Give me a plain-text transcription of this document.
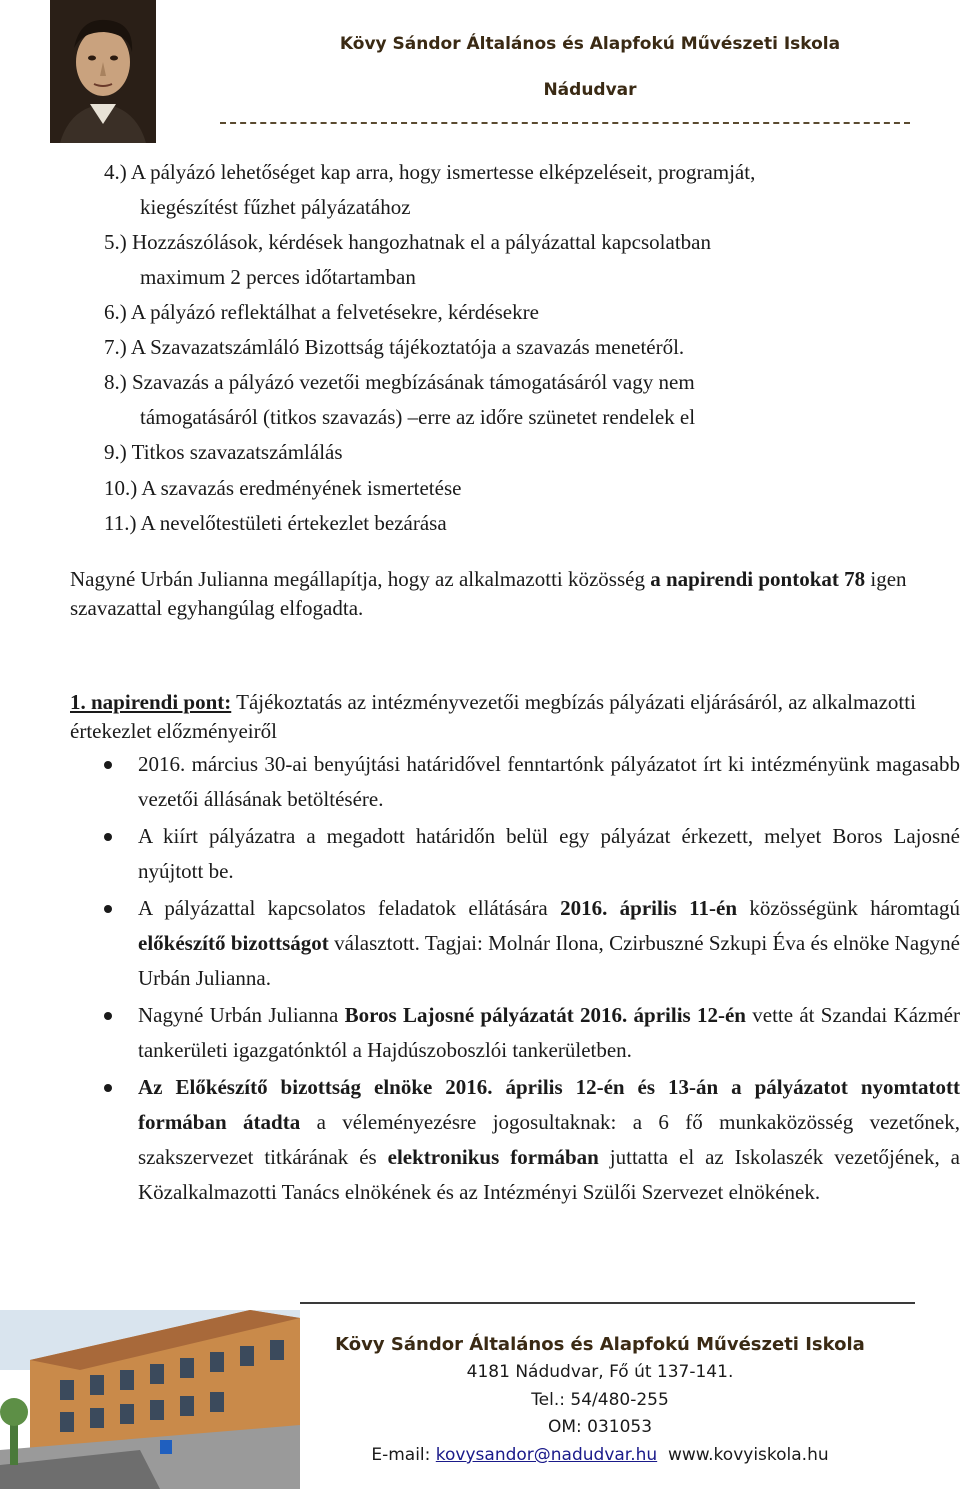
Kövy Sándor Általános és Alapfokú Művészeti Iskola
Nádudvar
4.) A pályázó lehetőséget kap arra, hogy ismertesse elképzeléseit, programját,
kiegészítést fűzhet pályázatához
5.) Hozzászólások, kérdések hangozhatnak el a pályázattal kapcsolatban
maximum 2 perces időtartamban
6.) A pályázó reflektálhat a felvetésekre, kérdésekre
7.) A Szavazatszámláló Bizottság tájékoztatója a szavazás menetéről.
8.) Szavazás a pályázó vezetői megbízásának támogatásáról vagy nem
támogatásáról (titkos szavazás) –erre az időre szünetet rendelek el
9.) Titkos szavazatszámlálás
10.) A szavazás eredményének ismertetése
11.) A nevelőtestületi értekezlet bezárása
Nagyné Urbán Julianna megállapítja, hogy az alkalmazotti közösség a napirendi pontokat 78 igen szavazattal egyhangúlag elfogadta.
1. napirendi pont: Tájékoztatás az intézményvezetői megbízás pályázati eljárásáról, az alkalmazotti értekezlet előzményeiről
2016. március 30-ai benyújtási határidővel fenntartónk pályázatot írt ki intézményünk magasabb vezetői állásának betöltésére.
A kiírt pályázatra a megadott határidőn belül egy pályázat érkezett, melyet Boros Lajosné nyújtott be.
A pályázattal kapcsolatos feladatok ellátására 2016. április 11-én közösségünk háromtagú előkészítő bizottságot választott. Tagjai: Molnár Ilona, Czirbuszné Szkupi Éva és elnöke Nagyné Urbán Julianna.
Nagyné Urbán Julianna Boros Lajosné pályázatát 2016. április 12-én vette át Szandai Kázmér tankerületi igazgatónktól a Hajdúszoboszlói tankerületben.
Az Előkészítő bizottság elnöke 2016. április 12-én és 13-án a pályázatot nyomtatott formában átadta a véleményezésre jogosultaknak: a 6 fő munkaközösség vezetőnek, szakszervezet titkárának és elektronikus formában juttatta el az Iskolaszék vezetőjének, a Közalkalmazotti Tanács elnökének és az Intézményi Szülői Szervezet elnökének.
Kövy Sándor Általános és Alapfokú Művészeti Iskola
4181 Nádudvar, Fő út 137-141.
Tel.: 54/480-255
OM: 031053
E-mail: kovysandor@nadudvar.hu www.kovyiskola.hu
